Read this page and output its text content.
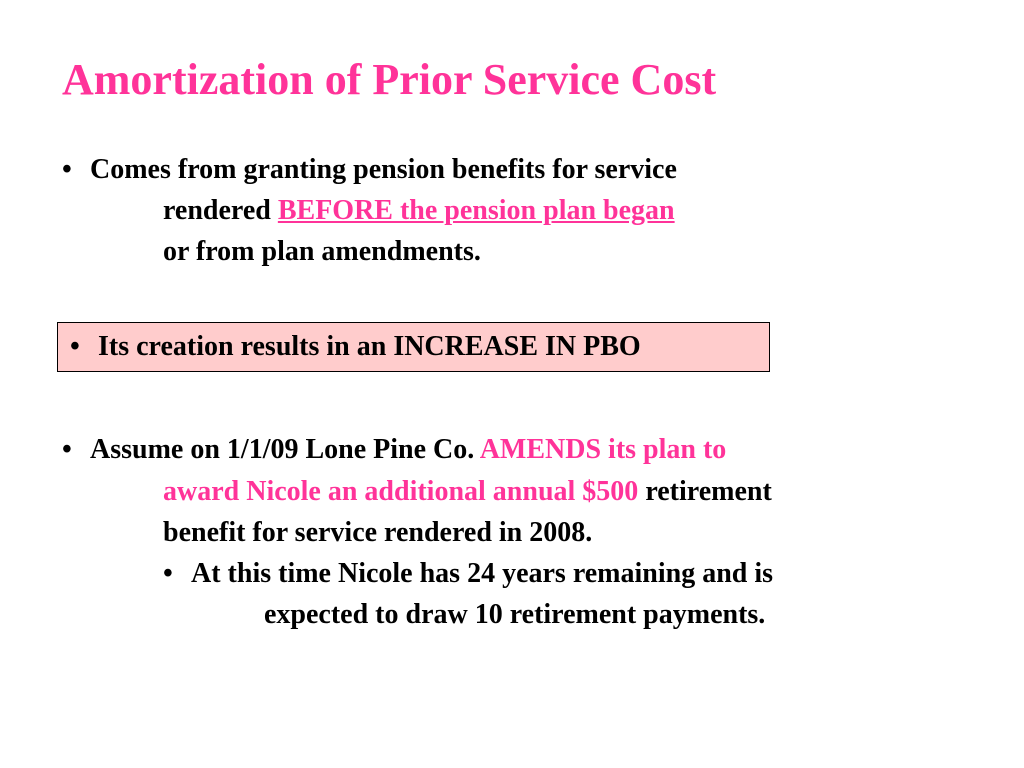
Amortization of Prior Service Cost
• Comes from granting pension benefits for service
rendered BEFORE the pension plan began
or from plan amendments.
• Its creation results in an INCREASE IN PBO
• Assume on 1/1/09 Lone Pine Co. AMENDS its plan to
award Nicole an additional annual $500 retirement
benefit for service rendered in 2008.
• At this time Nicole has 24 years remaining and is
expected to draw 10 retirement payments.
